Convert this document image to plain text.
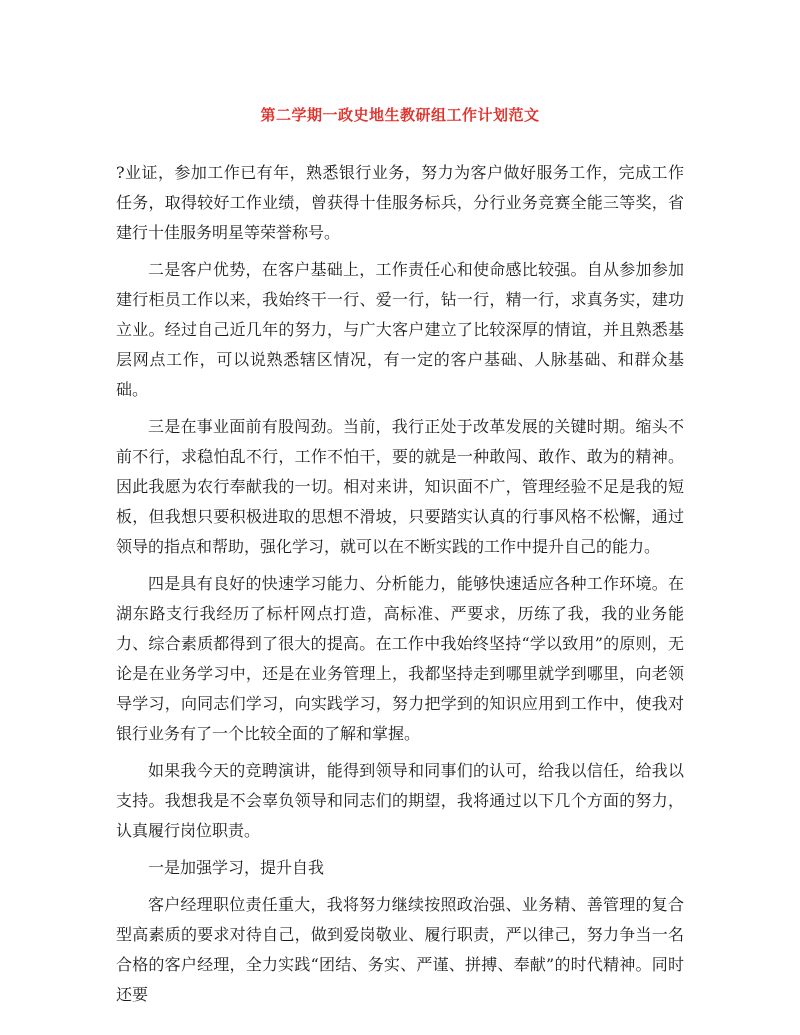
第二学期一政史地生教研组工作计划范文

?业证，参加工作已有年，熟悉银行业务，努力为客户做好服务工作，完成工作任务，取得较好工作业绩，曾获得十佳服务标兵，分行业务竞赛全能三等奖，省建行十佳服务明星等荣誉称号。

二是客户优势，在客户基础上，工作责任心和使命感比较强。自从参加参加建行柜员工作以来，我始终干一行、爱一行，钻一行，精一行，求真务实，建功立业。经过自己近几年的努力，与广大客户建立了比较深厚的情谊，并且熟悉基层网点工作，可以说熟悉辖区情况，有一定的客户基础、人脉基础、和群众基础。

三是在事业面前有股闯劲。当前，我行正处于改革发展的关键时期。缩头不前不行，求稳怕乱不行，工作不怕干，要的就是一种敢闯、敢作、敢为的精神。因此我愿为农行奉献我的一切。相对来讲，知识面不广，管理经验不足是我的短板，但我想只要积极进取的思想不滑坡，只要踏实认真的行事风格不松懈，通过领导的指点和帮助，强化学习，就可以在不断实践的工作中提升自己的能力。

四是具有良好的快速学习能力、分析能力，能够快速适应各种工作环境。在湖东路支行我经历了标杆网点打造，高标准、严要求，历练了我，我的业务能力、综合素质都得到了很大的提高。在工作中我始终坚持“学以致用”的原则，无论是在业务学习中，还是在业务管理上，我都坚持走到哪里就学到哪里，向老领导学习，向同志们学习，向实践学习，努力把学到的知识应用到工作中，使我对银行业务有了一个比较全面的了解和掌握。

如果我今天的竞聘演讲，能得到领导和同事们的认可，给我以信任，给我以支持。我想我是不会辜负领导和同志们的期望，我将通过以下几个方面的努力，认真履行岗位职责。

一是加强学习，提升自我

客户经理职位责任重大，我将努力继续按照政治强、业务精、善管理的复合型高素质的要求对待自己，做到爱岗敬业、履行职责，严以律己，努力争当一名合格的客户经理，全力实践“团结、务实、严谨、拼搏、奉献”的时代精神。同时还要
